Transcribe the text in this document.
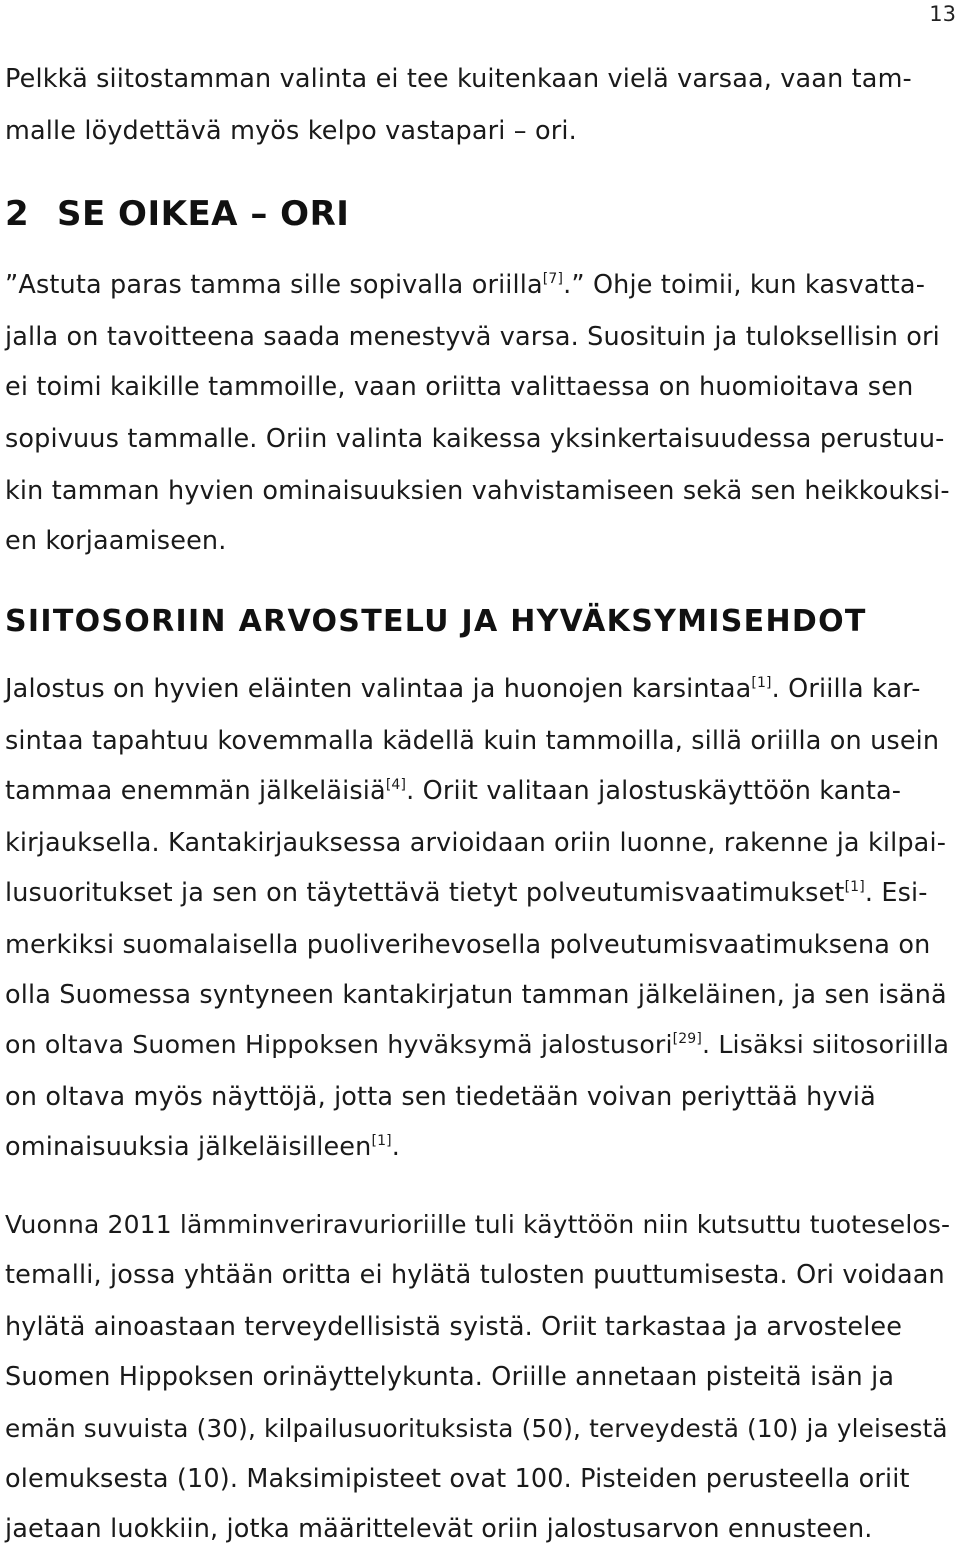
13
Pelkkä siitostamman valinta ei tee kuitenkaan vielä varsaa, vaan tam-
malle löydettävä myös kelpo vastapari – ori.
2 SE OIKEA – ORI
”Astuta paras tamma sille sopivalla oriilla[7].” Ohje toimii, kun kasvatta-
jalla on tavoitteena saada menestyvä varsa. Suosituin ja tuloksellisin ori
ei toimi kaikille tammoille, vaan oriitta valittaessa on huomioitava sen
sopivuus tammalle. Oriin valinta kaikessa yksinkertaisuudessa perustuu-
kin tamman hyvien ominaisuuksien vahvistamiseen sekä sen heikkouksi-
en korjaamiseen.
SIITOSORIIN ARVOSTELU JA HYVÄKSYMISEHDOT
Jalostus on hyvien eläinten valintaa ja huonojen karsintaa[1]. Oriilla kar-
sintaa tapahtuu kovemmalla kädellä kuin tammoilla, sillä oriilla on usein
tammaa enemmän jälkeläisiä[4]. Oriit valitaan jalostuskäyttöön kanta-
kirjauksella. Kantakirjauksessa arvioidaan oriin luonne, rakenne ja kilpai-
lusuoritukset ja sen on täytettävä tietyt polveutumisvaatimukset[1]. Esi-
merkiksi suomalaisella puoliverihevosella polveutumisvaatimuksena on
olla Suomessa syntyneen kantakirjatun tamman jälkeläinen, ja sen isänä
on oltava Suomen Hippoksen hyväksymä jalostusori[29]. Lisäksi siitosoriilla
on oltava myös näyttöjä, jotta sen tiedetään voivan periyttää hyviä
ominaisuuksia jälkeläisilleen[1].
Vuonna 2011 lämminveriravurioriille tuli käyttöön niin kutsuttu tuoteselos-
temalli, jossa yhtään oritta ei hylätä tulosten puuttumisesta. Ori voidaan
hylätä ainoastaan terveydellisistä syistä. Oriit tarkastaa ja arvostelee
Suomen Hippoksen orinäyttelykunta. Oriille annetaan pisteitä isän ja
emän suvuista (30), kilpailusuorituksista (50), terveydestä (10) ja yleisestä
olemuksesta (10). Maksimipisteet ovat 100. Pisteiden perusteella oriit
jaetaan luokkiin, jotka määrittelevät oriin jalostusarvon ennusteen.
